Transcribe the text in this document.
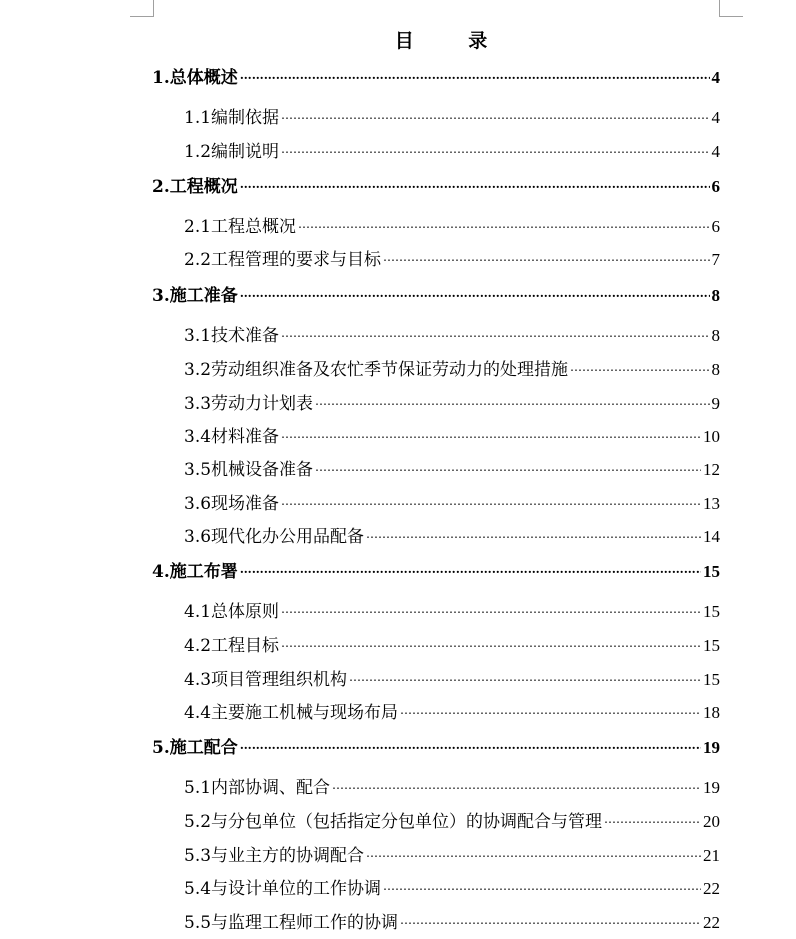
目 录
1.总体概述 ……………………………………………………………………………………………………………………………………………………………………………………………………………	4
1.1编制依据 ……………………………………………………………………………………………………………………………………………………………………………………………………………	4
1.2编制说明 ……………………………………………………………………………………………………………………………………………………………………………………………………………	4
2.工程概况 ……………………………………………………………………………………………………………………………………………………………………………………………………………	6
2.1工程总概况 ……………………………………………………………………………………………………………………………………………………………………………………………………………	6
2.2工程管理的要求与目标 ……………………………………………………………………………………………………………………………………………………………………………………………………………	7
3.施工准备 ……………………………………………………………………………………………………………………………………………………………………………………………………………	8
3.1技术准备 ……………………………………………………………………………………………………………………………………………………………………………………………………………	8
3.2劳动组织准备及农忙季节保证劳动力的处理措施 ……………………………………………………………………………………………………………………………………………………………………………………………………………	8
3.3劳动力计划表 ……………………………………………………………………………………………………………………………………………………………………………………………………………	9
3.4材料准备 ……………………………………………………………………………………………………………………………………………………………………………………………………………	10
3.5机械设备准备 ……………………………………………………………………………………………………………………………………………………………………………………………………………	12
3.6现场准备 ……………………………………………………………………………………………………………………………………………………………………………………………………………	13
3.6现代化办公用品配备 ……………………………………………………………………………………………………………………………………………………………………………………………………………	14
4.施工布署 ……………………………………………………………………………………………………………………………………………………………………………………………………………	15
4.1总体原则 ……………………………………………………………………………………………………………………………………………………………………………………………………………	15
4.2工程目标 ……………………………………………………………………………………………………………………………………………………………………………………………………………	15
4.3项目管理组织机构 ……………………………………………………………………………………………………………………………………………………………………………………………………………	15
4.4主要施工机械与现场布局 ……………………………………………………………………………………………………………………………………………………………………………………………………………	18
5.施工配合 ……………………………………………………………………………………………………………………………………………………………………………………………………………	19
5.1内部协调、配合 ……………………………………………………………………………………………………………………………………………………………………………………………………………	19
5.2与分包单位（包括指定分包单位）的协调配合与管理 ……………………………………………………………………………………………………………………………………………………………………………………………………………	20
5.3与业主方的协调配合 ……………………………………………………………………………………………………………………………………………………………………………………………………………	21
5.4与设计单位的工作协调 ……………………………………………………………………………………………………………………………………………………………………………………………………………	22
5.5与监理工程师工作的协调 ……………………………………………………………………………………………………………………………………………………………………………………………………………	22
